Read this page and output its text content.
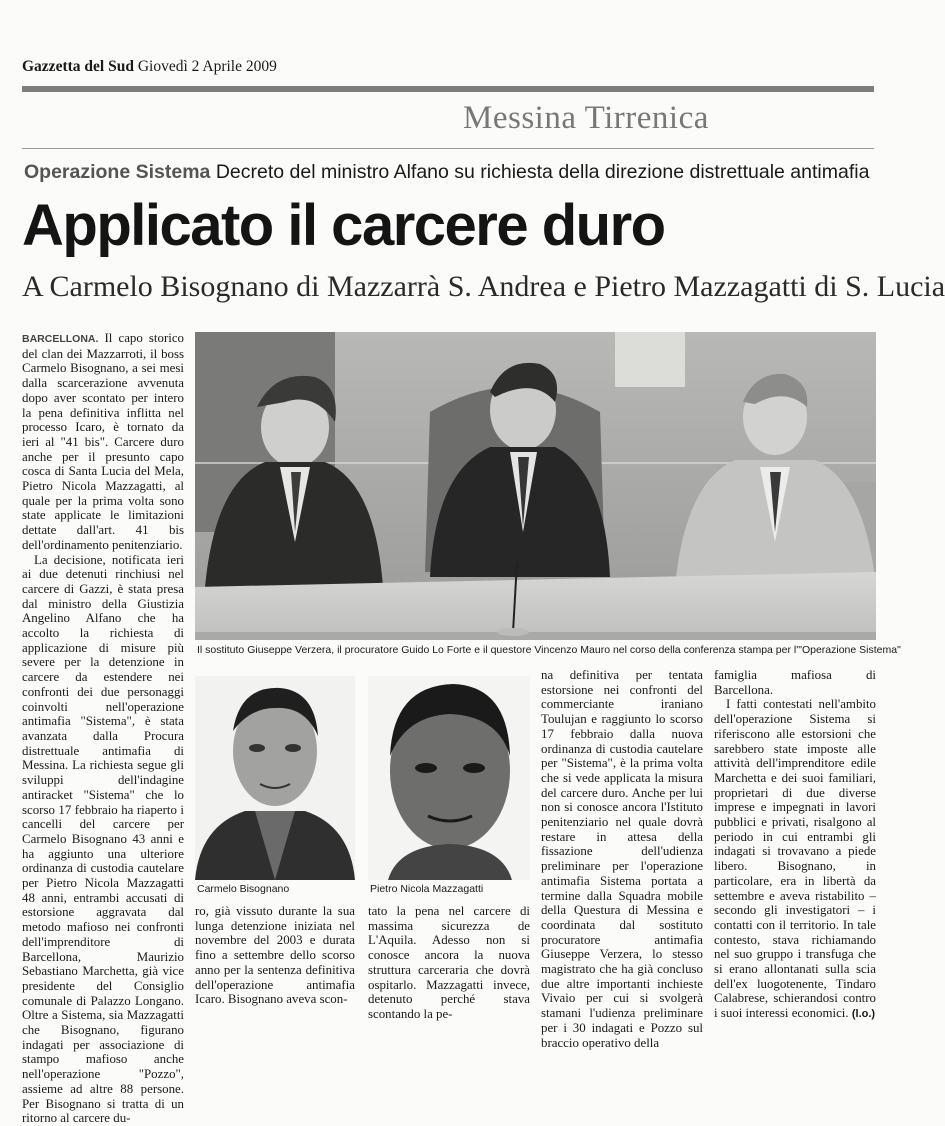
Gazzetta del Sud Giovedì 2 Aprile 2009
Messina Tirrenica
Operazione Sistema Decreto del ministro Alfano su richiesta della direzione distrettuale antimafia
Applicato il carcere duro
A Carmelo Bisognano di Mazzarrà S. Andrea e Pietro Mazzagatti di S. Lucia

BARCELLONA. Il capo storico del clan dei Mazzarroti, il boss Carmelo Bisognano, a sei mesi dalla scarcerazione avvenuta dopo aver scontato per intero la pena definitiva inflitta nel processo Icaro, è tornato da ieri al "41 bis". Carcere duro anche per il presunto capo cosca di Santa Lucia del Mela, Pietro Nicola Mazzagatti, al quale per la prima volta sono state applicate le limitazioni dettate dall'art. 41 bis dell'ordinamento penitenziario.

La decisione, notificata ieri ai due detenuti rinchiusi nel carcere di Gazzi, è stata presa dal ministro della Giustizia Angelino Alfano che ha accolto la richiesta di applicazione di misure più severe per la detenzione in carcere da estendere nei confronti dei due personaggi coinvolti nell'operazione antimafia "Sistema", è stata avanzata dalla Procura distrettuale antimafia di Messina. La richiesta segue gli sviluppi dell'indagine antiracket "Sistema" che lo scorso 17 febbraio ha riaperto i cancelli del carcere per Carmelo Bisognano 43 anni e ha aggiunto una ulteriore ordinanza di custodia cautelare per Pietro Nicola Mazzagatti 48 anni, entrambi accusati di estorsione aggravata dal metodo mafioso nei confronti dell'imprenditore di Barcellona, Maurizio Sebastiano Marchetta, già vice presidente del Consiglio comunale di Palazzo Longano. Oltre a Sistema, sia Mazzagatti che Bisognano, figurano indagati per associazione di stampo mafioso anche nell'operazione "Pozzo", assieme ad altre 88 persone. Per Bisognano si tratta di un ritorno al carcere du-

Il sostituto Giuseppe Verzera, il procuratore Guido Lo Forte e il questore Vincenzo Mauro nel corso della conferenza stampa per l'"Operazione Sistema"
Carmelo Bisognano	Pietro Nicola Mazzagatti

ro, già vissuto durante la sua lunga detenzione iniziata nel novembre del 2003 e durata fino a settembre dello scorso anno per la sentenza definitiva dell'operazione antimafia Icaro. Bisognano aveva scon-

tato la pena nel carcere di massima sicurezza de L'Aquila. Adesso non si conosce ancora la nuova struttura carceraria che dovrà ospitarlo. Mazzagatti invece, detenuto perché stava scontando la pe-

na definitiva per tentata estorsione nei confronti del commerciante iraniano Toulujan e raggiunto lo scorso 17 febbraio dalla nuova ordinanza di custodia cautelare per "Sistema", è la prima volta che si vede applicata la misura del carcere duro. Anche per lui non si conosce ancora l'Istituto penitenziario nel quale dovrà restare in attesa della fissazione dell'udienza preliminare per l'operazione antimafia Sistema portata a termine dalla Squadra mobile della Questura di Messina e coordinata dal sostituto procuratore antimafia Giuseppe Verzera, lo stesso magistrato che ha già concluso due altre importanti inchieste Vivaio per cui si svolgerà stamani l'udienza preliminare per i 30 indagati e Pozzo sul braccio operativo della

famiglia mafiosa di Barcellona.

I fatti contestati nell'ambito dell'operazione Sistema si riferiscono alle estorsioni che sarebbero state imposte alle attività dell'imprenditore edile Marchetta e dei suoi familiari, proprietari di due diverse imprese e impegnati in lavori pubblici e privati, risalgono al periodo in cui entrambi gli indagati si trovavano a piede libero. Bisognano, in particolare, era in libertà da settembre e aveva ristabilito – secondo gli investigatori – i contatti con il territorio. In tale contesto, stava richiamando nel suo gruppo i transfuga che si erano allontanati sulla scia dell'ex luogotenente, Tindaro Calabrese, schierandosi contro i suoi interessi economici. (l.o.)
